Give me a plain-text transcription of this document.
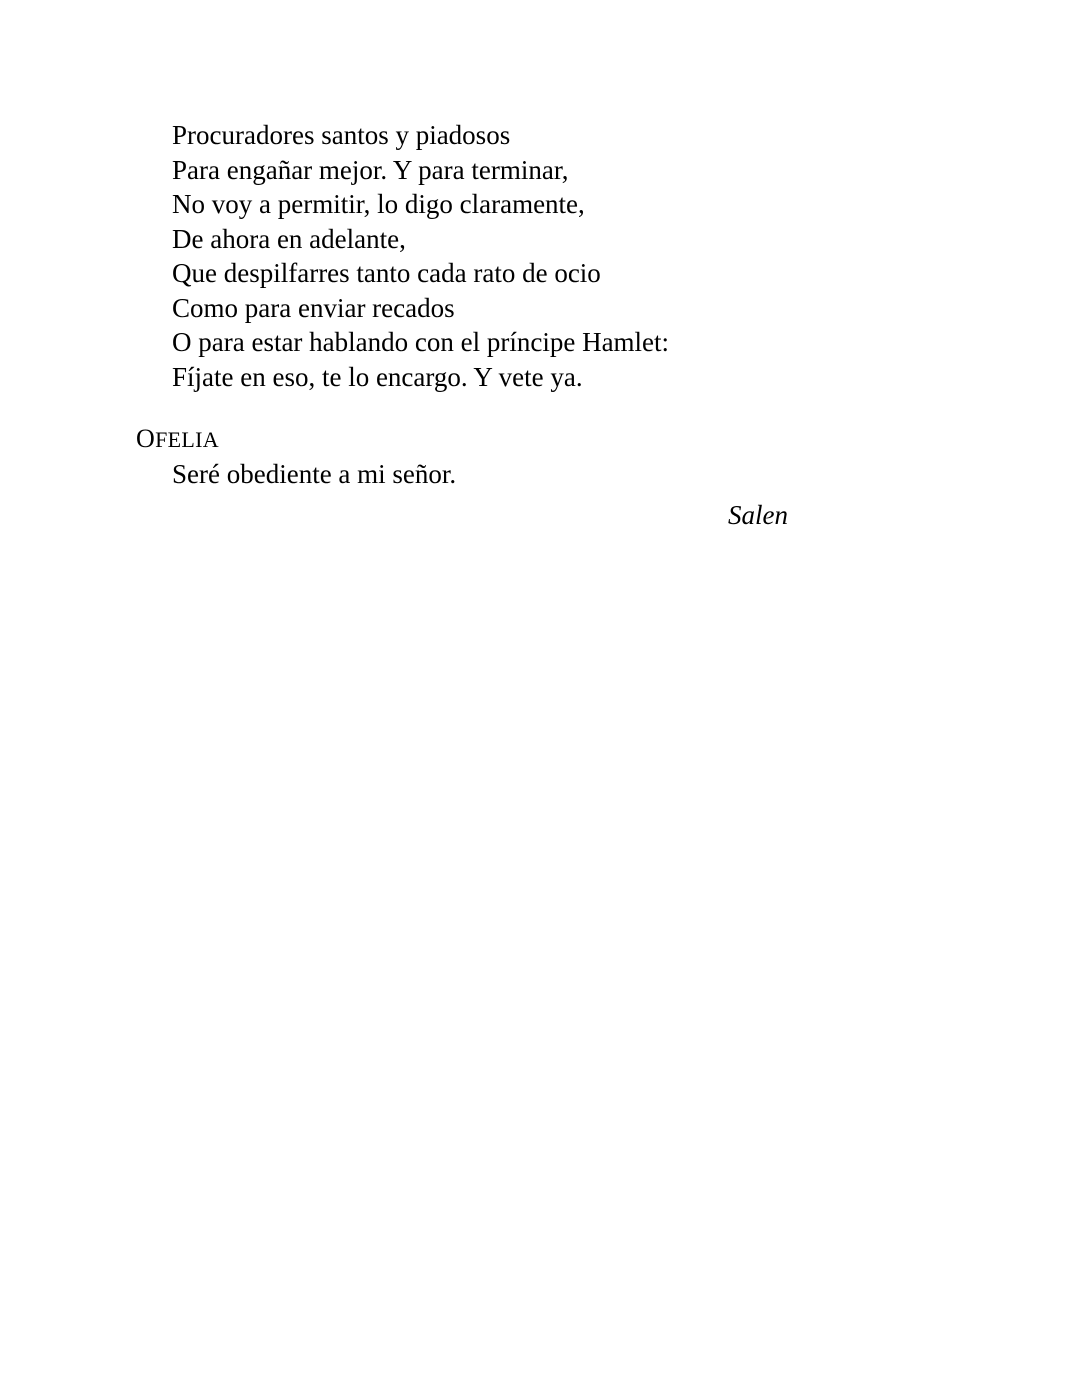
Procuradores santos y piadosos
Para engañar mejor. Y para terminar,
No voy a permitir, lo digo claramente,
De ahora en adelante,
Que despilfarres tanto cada rato de ocio
Como para enviar recados
O para estar hablando con el príncipe Hamlet:
Fíjate en eso, te lo encargo. Y vete ya.
OFELIA
Seré obediente a mi señor.
Salen
